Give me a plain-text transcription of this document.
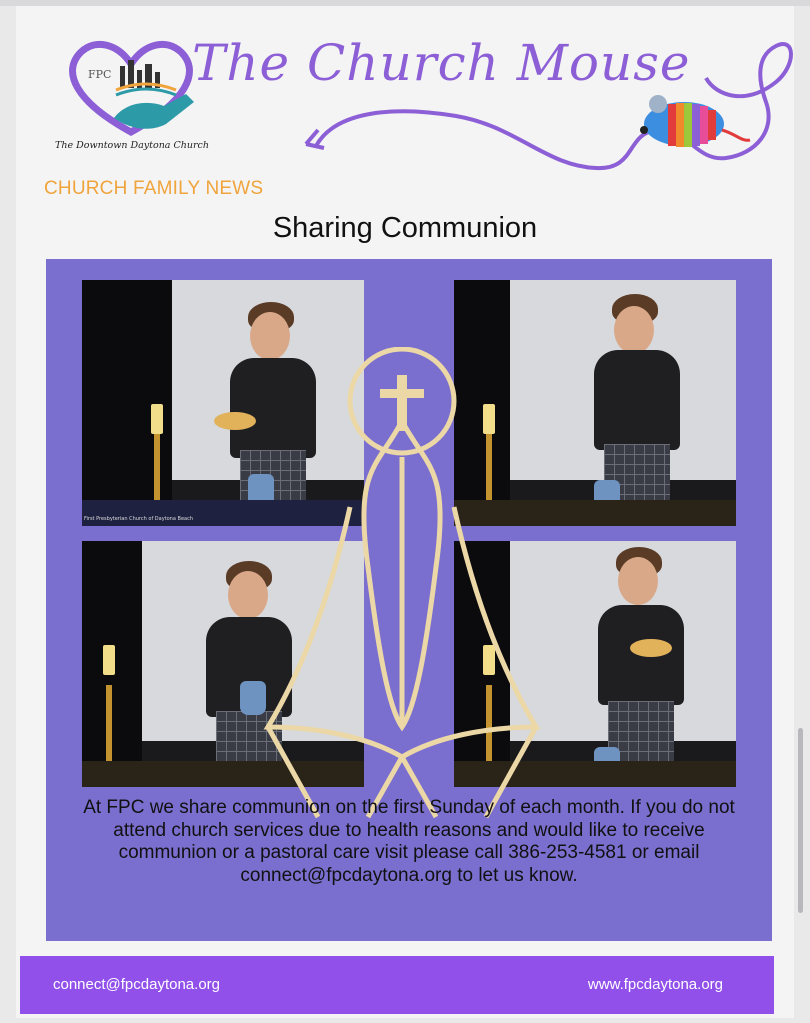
FPC
The Downtown Daytona Church
The Church Mouse
CHURCH FAMILY NEWS
Sharing Communion
First Presbyterian Church of Daytona Beach
At FPC we share communion on the first Sunday of each month. If you do not attend church services due to health reasons and would like to receive communion or a pastoral care visit please call 386-253-4581 or email connect@fpcdaytona.org to let us know.
connect@fpcdaytona.org	www.fpcdaytona.org
